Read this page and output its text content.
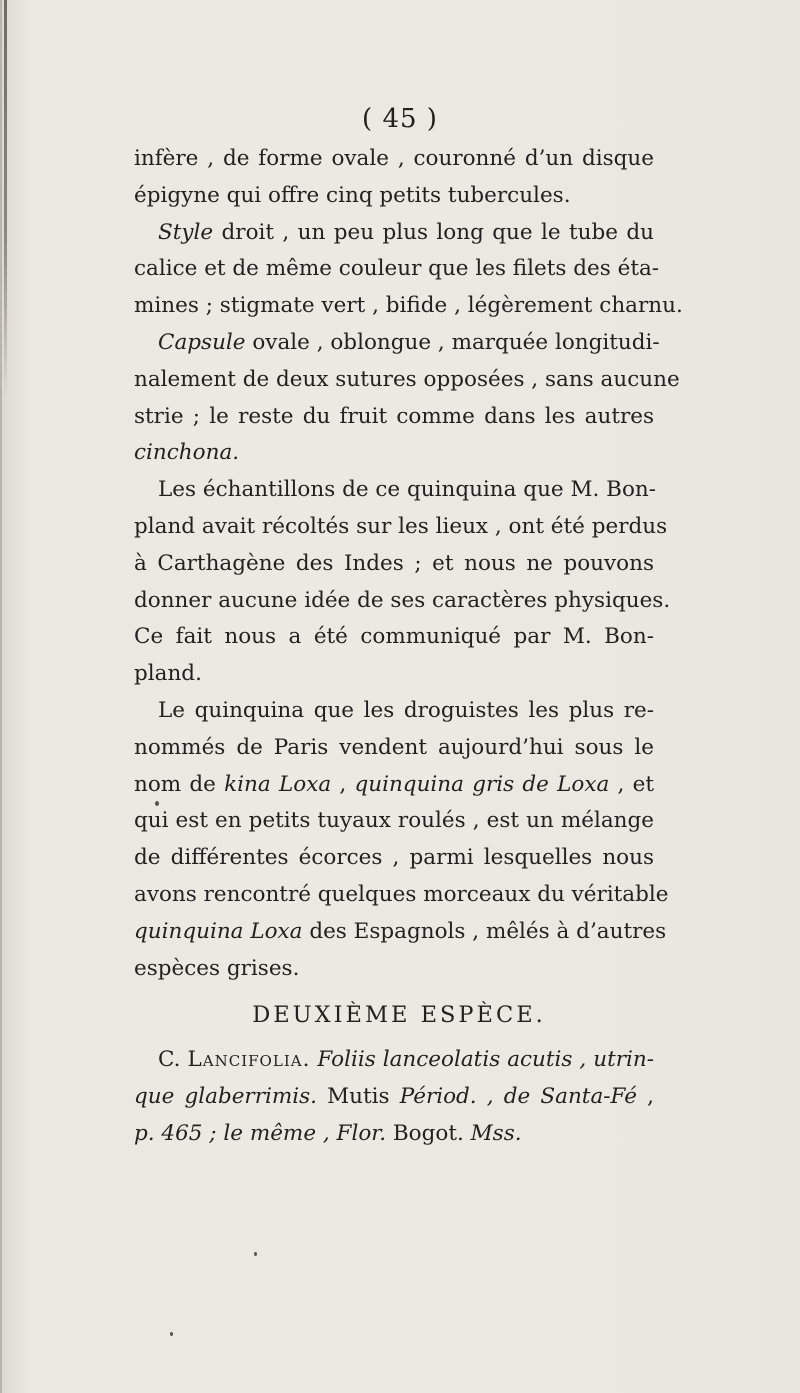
( 45 )
infère , de forme ovale , couronné d’un disque
épigyne qui offre cinq petits tubercules.
Style droit , un peu plus long que le tube du
calice et de même couleur que les filets des éta-
mines ; stigmate vert , bifide , légèrement charnu.
Capsule ovale , oblongue , marquée longitudi-
nalement de deux sutures opposées , sans aucune
strie ; le reste du fruit comme dans les autres
cinchona.
Les échantillons de ce quinquina que M. Bon-
pland avait récoltés sur les lieux , ont été perdus
à Carthagène des Indes ; et nous ne pouvons
donner aucune idée de ses caractères physiques.
Ce fait nous a été communiqué par M. Bon-
pland.
Le quinquina que les droguistes les plus re-
nommés de Paris vendent aujourd’hui sous le
nom de kina Loxa , quinquina gris de Loxa , et
qui est en petits tuyaux roulés , est un mélange
de différentes écorces , parmi lesquelles nous
avons rencontré quelques morceaux du véritable
quinquina Loxa des Espagnols , mêlés à d’autres
espèces grises.
DEUXIÈME ESPÈCE.
C. Lancifolia. Foliis lanceolatis acutis , utrin-
que glaberrimis. Mutis Périod. , de Santa-Fé ,
p. 465 ; le même , Flor. Bogot. Mss.
